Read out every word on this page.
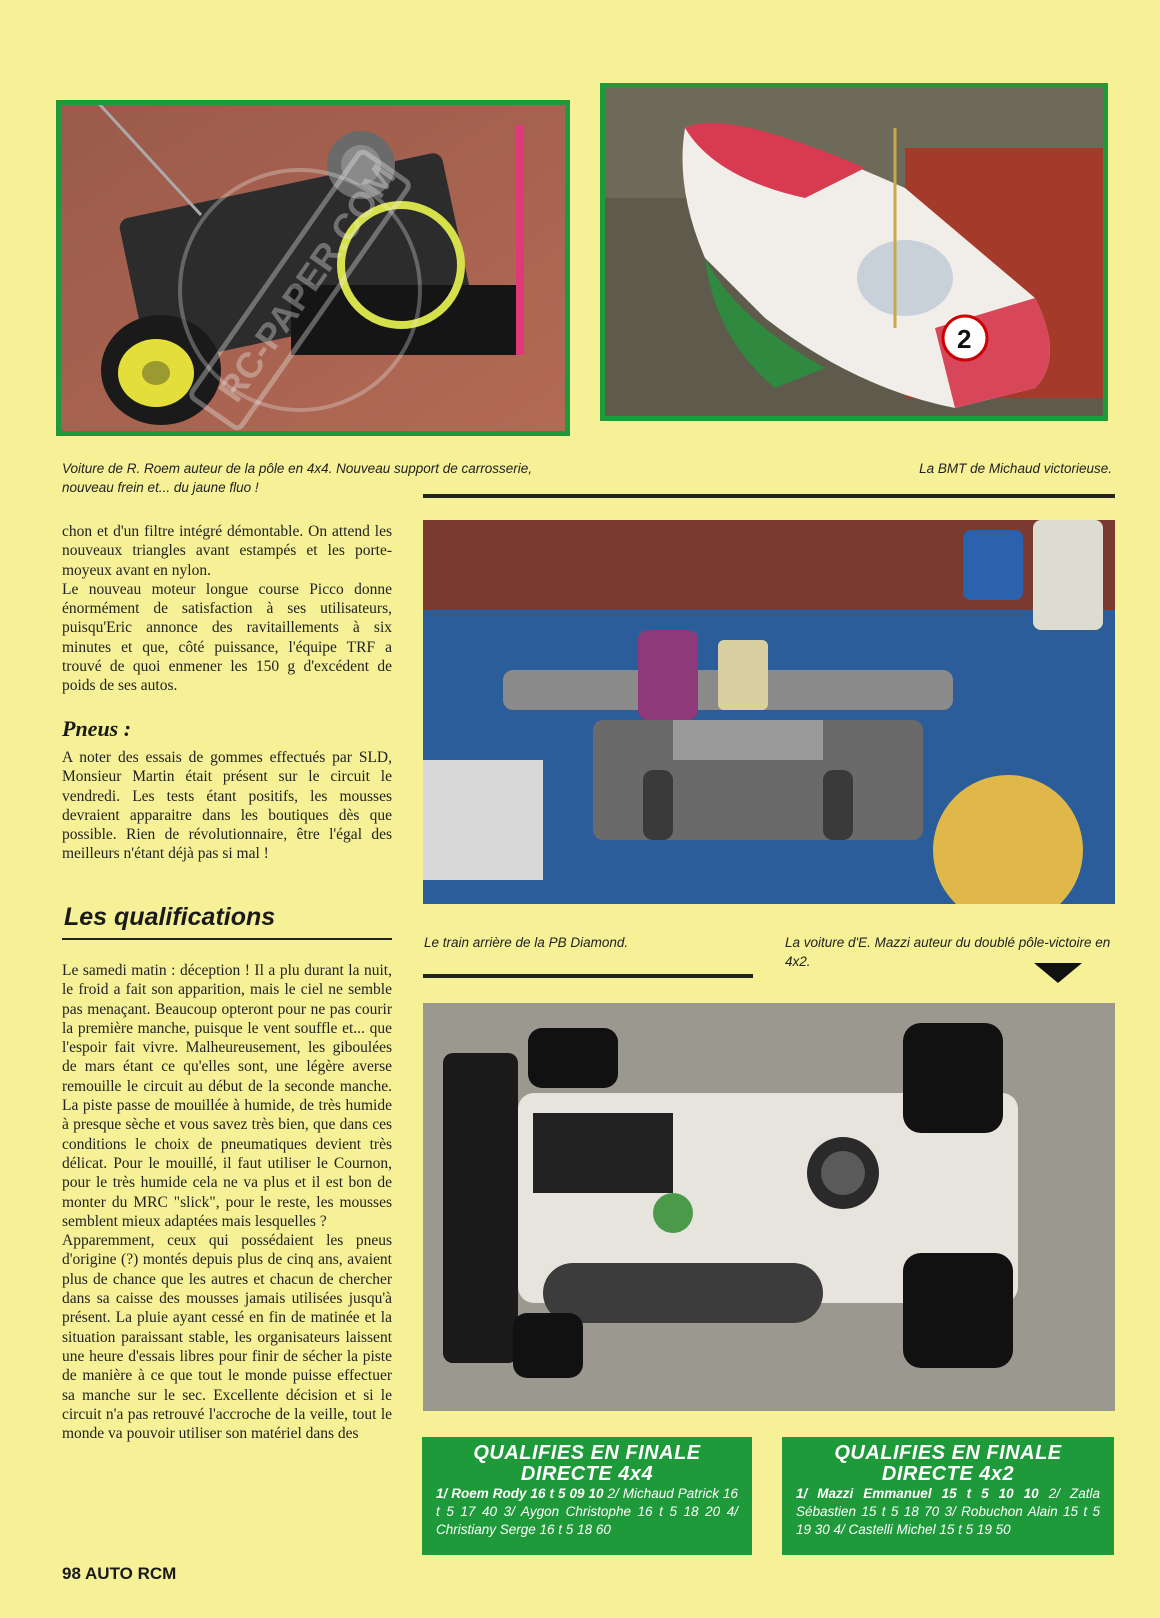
2
RC-PAPER.COM
Voiture de R. Roem auteur de la pôle en 4x4. Nouveau support de carrosserie, nouveau frein et... du jaune fluo !
La BMT de Michaud victorieuse.
Le train arrière de la PB Diamond.	La voiture d'E. Mazzi auteur du doublé pôle-victoire en 4x2.

chon et d'un filtre intégré démontable. On attend les nouveaux triangles avant estampés et les porte-moyeux avant en nylon.

Le nouveau moteur longue course Picco donne énormément de satisfaction à ses utilisateurs, puisqu'Eric annonce des ravitaillements à six minutes et que, côté puissance, l'équipe TRF a trouvé de quoi enmener les 150 g d'excédent de poids de ses autos.

Pneus :
A noter des essais de gommes effectués par SLD, Monsieur Martin était présent sur le circuit le vendredi. Les tests étant positifs, les mousses devraient apparaitre dans les boutiques dès que possible. Rien de révolutionnaire, être l'égal des meilleurs n'étant déjà pas si mal !
Les qualifications

Le samedi matin : déception ! Il a plu durant la nuit, le froid a fait son apparition, mais le ciel ne semble pas menaçant. Beaucoup opteront pour ne pas courir la première manche, puisque le vent souffle et... que l'espoir fait vivre. Malheureusement, les giboulées de mars étant ce qu'elles sont, une légère averse remouille le circuit au début de la seconde manche. La piste passe de mouillée à humide, de très humide à presque sèche et vous savez très bien, que dans ces conditions le choix de pneumatiques devient très délicat. Pour le mouillé, il faut utiliser le Cournon, pour le très humide cela ne va plus et il est bon de monter du MRC "slick", pour le reste, les mousses semblent mieux adaptées mais lesquelles ?

Apparemment, ceux qui possédaient les pneus d'origine (?) montés depuis plus de cinq ans, avaient plus de chance que les autres et chacun de chercher dans sa caisse des mousses jamais utilisées jusqu'à présent. La pluie ayant cessé en fin de matinée et la situation paraissant stable, les organisateurs laissent une heure d'essais libres pour finir de sécher la piste de manière à ce que tout le monde puisse effectuer sa manche sur le sec. Excellente décision et si le circuit n'a pas retrouvé l'accroche de la veille, tout le monde va pouvoir utiliser son matériel dans des

QUALIFIES EN FINALE DIRECTE 4x4
1/ Roem Rody 16 t 5 09 10 2/ Michaud Patrick 16 t 5 17 40 3/ Aygon Christophe 16 t 5 18 20 4/ Christiany Serge 16 t 5 18 60
QUALIFIES EN FINALE DIRECTE 4x2
1/ Mazzi Emmanuel 15 t 5 10 10 2/ Zatla Sébastien 15 t 5 18 70 3/ Robuchon Alain 15 t 5 19 30 4/ Castelli Michel 15 t 5 19 50
98 AUTO RCM
